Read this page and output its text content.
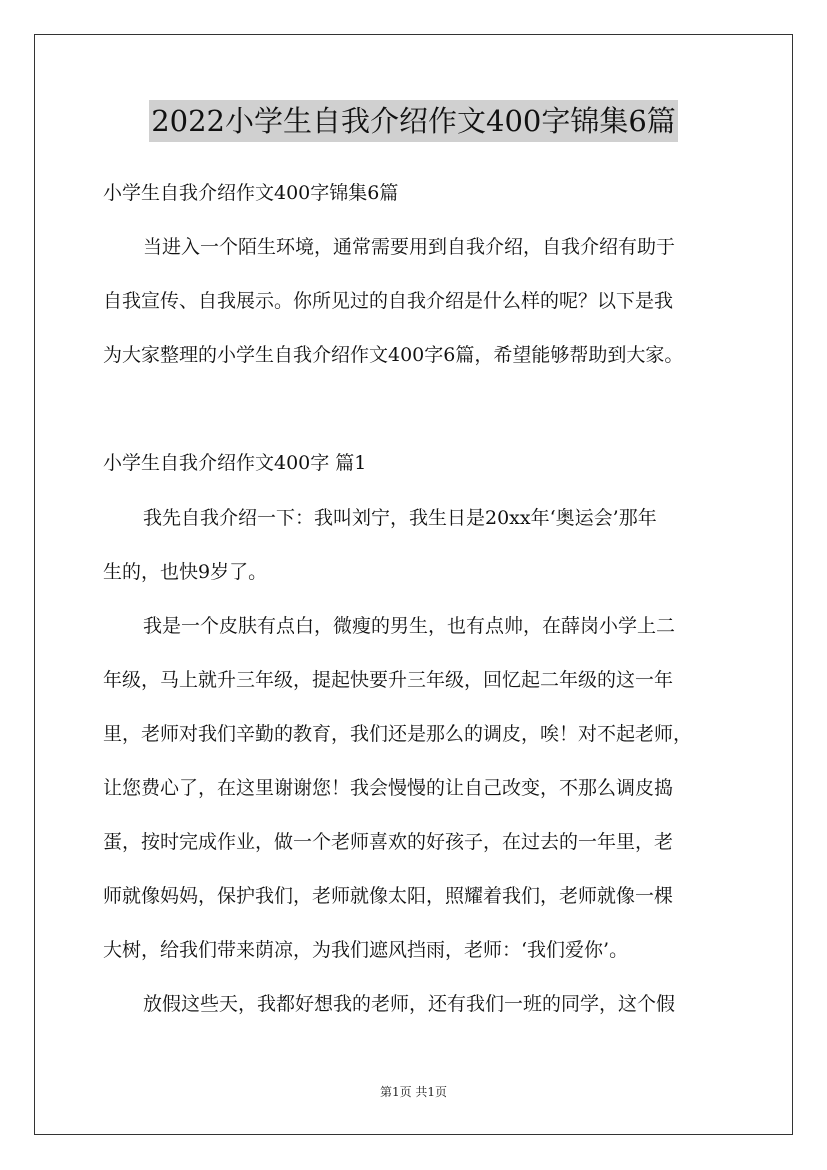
2022小学生自我介绍作文400字锦集6篇

小学生自我介绍作文400字锦集6篇

当进入一个陌生环境，通常需要用到自我介绍，自我介绍有助于

自我宣传、自我展示。你所见过的自我介绍是什么样的呢？以下是我

为大家整理的小学生自我介绍作文400字6篇，希望能够帮助到大家。

小学生自我介绍作文400字 篇1

我先自我介绍一下：我叫刘宁，我生日是20xx年‘奥运会’那年

生的，也快9岁了。

我是一个皮肤有点白，微瘦的男生，也有点帅，在薛岗小学上二

年级，马上就升三年级，提起快要升三年级，回忆起二年级的这一年

里，老师对我们辛勤的教育，我们还是那么的调皮，唉！对不起老师，

让您费心了，在这里谢谢您！我会慢慢的让自己改变，不那么调皮捣

蛋，按时完成作业，做一个老师喜欢的好孩子，在过去的一年里，老

师就像妈妈，保护我们，老师就像太阳，照耀着我们，老师就像一棵

大树，给我们带来荫凉，为我们遮风挡雨，老师：‘我们爱你’。

放假这些天，我都好想我的老师，还有我们一班的同学，这个假

第1页 共1页
